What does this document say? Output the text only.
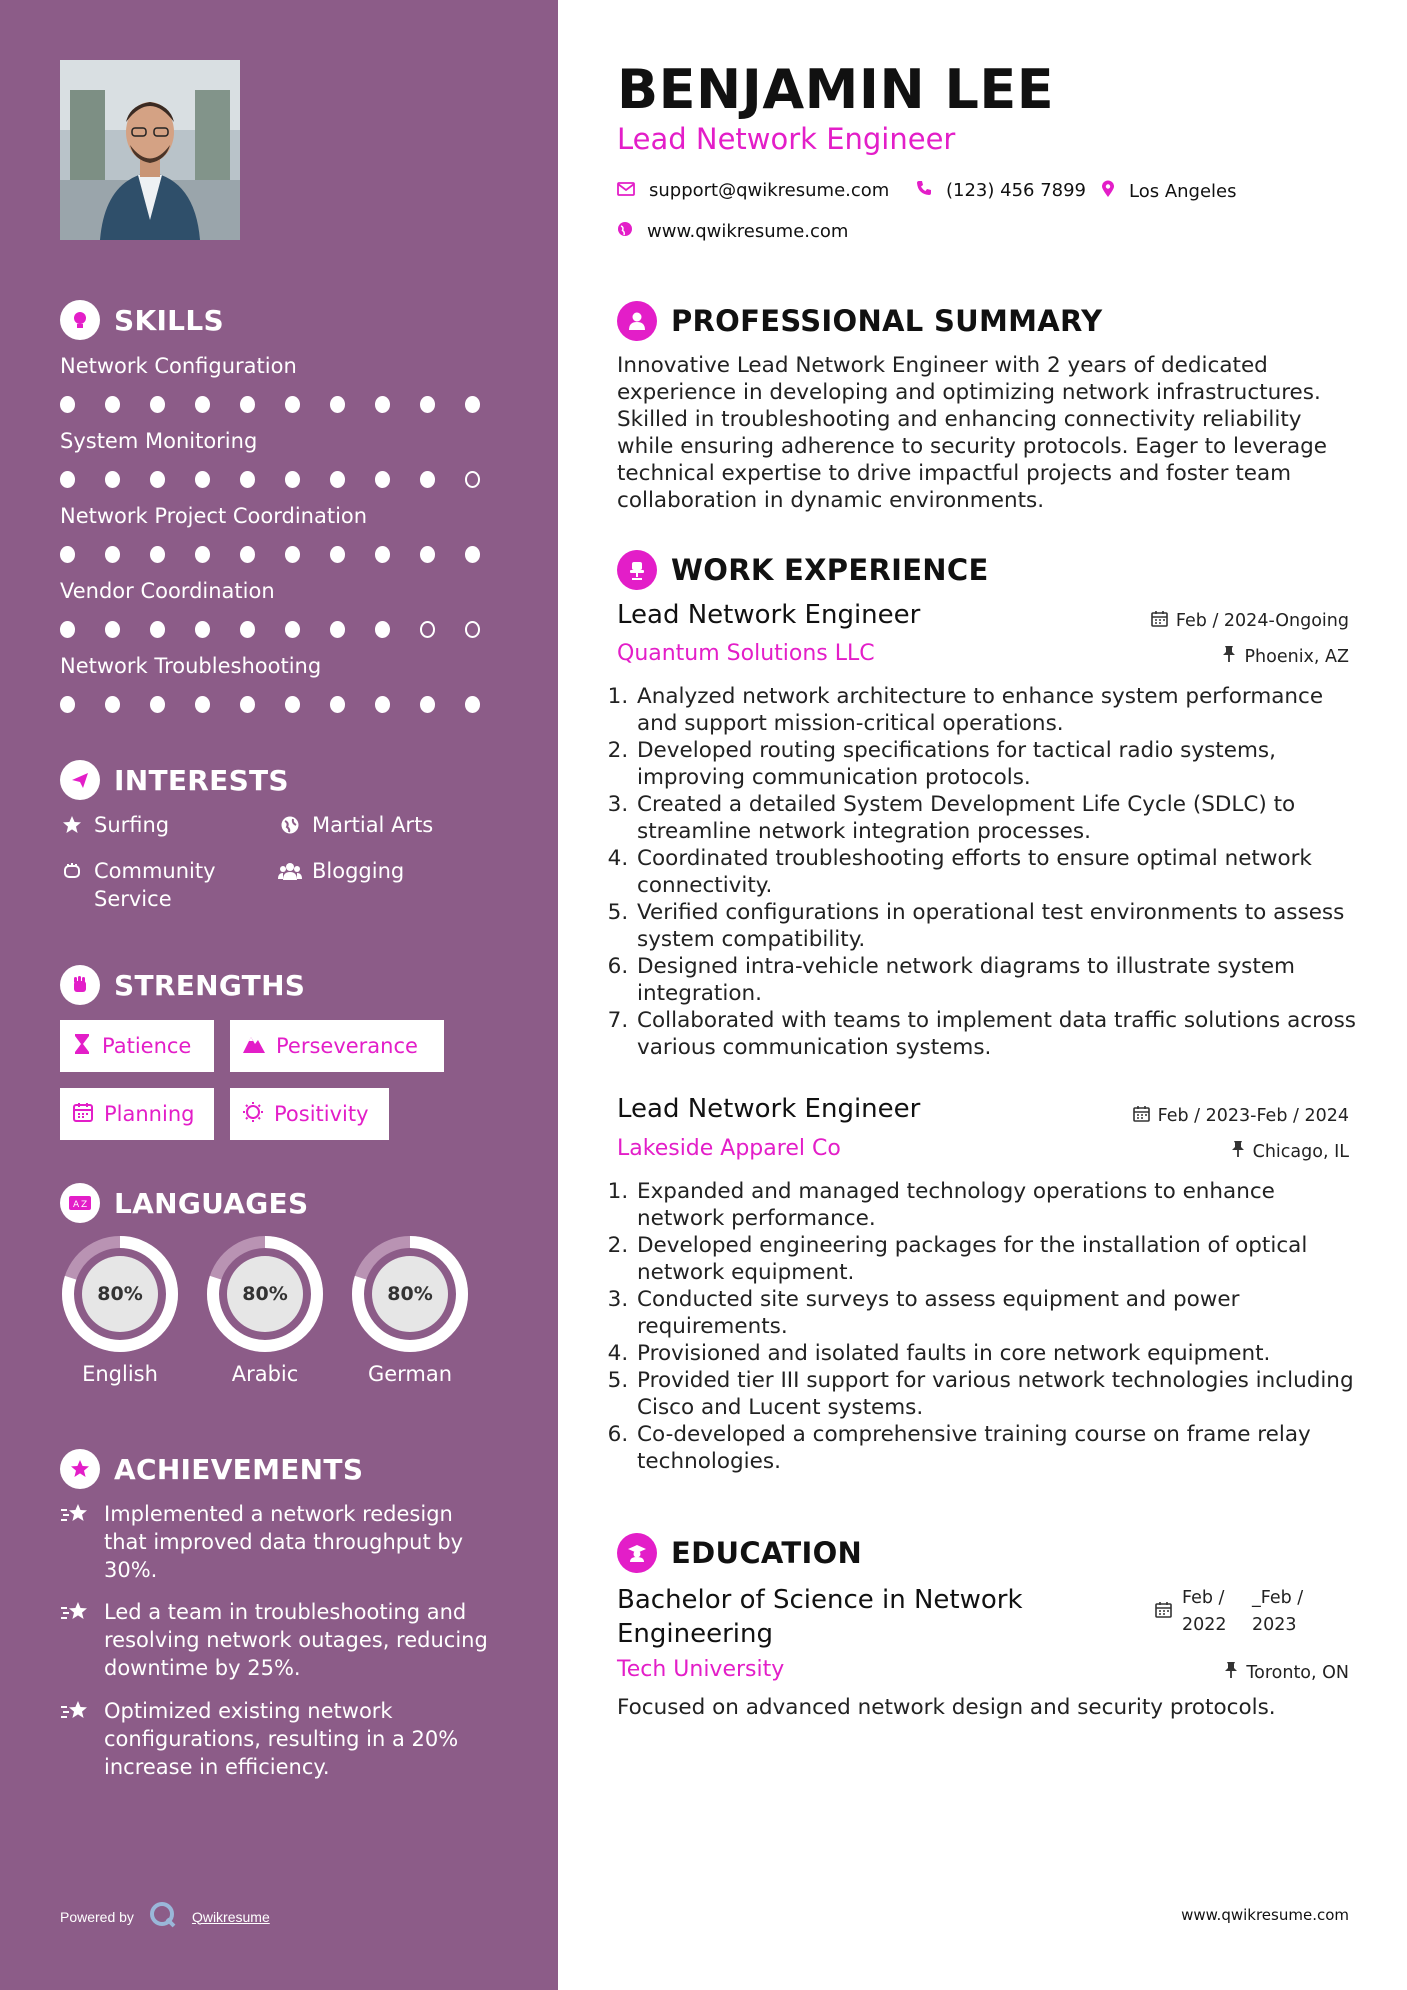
SKILLS
Network Configuration
System Monitoring
Network Project Coordination
Vendor Coordination
Network Troubleshooting
INTERESTS
Surfing	Martial Arts
Community Service
Blogging
STRENGTHS
Patience	Perseverance
Planning	Positivity
A Z LANGUAGES
80%
English
80%
Arabic
80%
German
ACHIEVEMENTS
Implemented a network redesign that improved data throughput by 30%.
Led a team in troubleshooting and resolving network outages, reducing downtime by 25%.
Optimized existing network configurations, resulting in a 20% increase in efficiency.
Powered by	Qwikresume
BENJAMIN LEE
Lead Network Engineer
support@qwikresume.com	(123) 456 7899 Los Angeles
www.qwikresume.com
PROFESSIONAL SUMMARY
Innovative Lead Network Engineer with 2 years of dedicated experience in developing and optimizing network infrastructures. Skilled in troubleshooting and enhancing connectivity reliability while ensuring adherence to security protocols. Eager to leverage technical expertise to drive impactful projects and foster team collaboration in dynamic environments.
WORK EXPERIENCE
Lead Network Engineer	Feb / 2024-Ongoing
Quantum Solutions LLC	Phoenix, AZ
1. Analyzed network architecture to enhance system performance and support mission-critical operations.
2. Developed routing specifications for tactical radio systems, improving communication protocols.
3. Created a detailed System Development Life Cycle (SDLC) to streamline network integration processes.
4. Coordinated troubleshooting efforts to ensure optimal network connectivity.
5. Verified configurations in operational test environments to assess system compatibility.
6. Designed intra-vehicle network diagrams to illustrate system integration.
7. Collaborated with teams to implement data traffic solutions across various communication systems.
Lead Network Engineer	Feb / 2023-Feb / 2024
Lakeside Apparel Co	Chicago, IL
1. Expanded and managed technology operations to enhance network performance.
2. Developed engineering packages for the installation of optical network equipment.
3. Conducted site surveys to assess equipment and power requirements.
4. Provisioned and isolated faults in core network equipment.
5. Provided tier III support for various network technologies including Cisco and Lucent systems.
6. Co-developed a comprehensive training course on frame relay technologies.
EDUCATION
Bachelor of Science in Network Engineering
Feb / 2022
_Feb / 2023
Tech University	Toronto, ON
Focused on advanced network design and security protocols.
www.qwikresume.com
